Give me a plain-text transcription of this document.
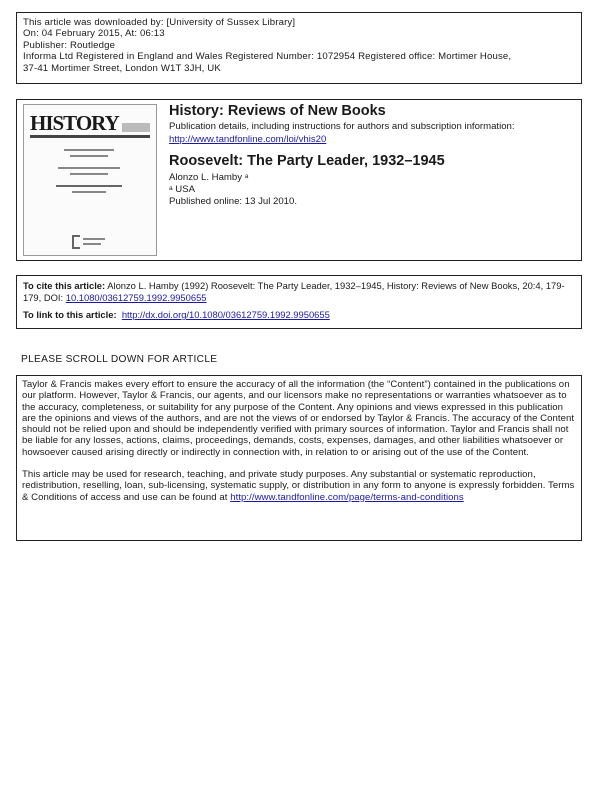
This article was downloaded by: [University of Sussex Library]
On: 04 February 2015, At: 06:13
Publisher: Routledge
Informa Ltd Registered in England and Wales Registered Number: 1072954 Registered office: Mortimer House,
37-41 Mortimer Street, London W1T 3JH, UK
HISTORY	History: Reviews of New Books
Publication details, including instructions for authors and subscription information:
http://www.tandfonline.com/loi/vhis20
Roosevelt: The Party Leader, 1932–1945
Alonzo L. Hamby $^a$
$^a$ USA
Published online: 13 Jul 2010.
To cite this article: Alonzo L. Hamby (1992) Roosevelt: The Party Leader, 1932–1945, History: Reviews of New Books, 20:4, 179-179, DOI: 10.1080/03612759.1992.9950655
To link to this article: http://dx.doi.org/10.1080/03612759.1992.9950655
PLEASE SCROLL DOWN FOR ARTICLE

Taylor & Francis makes every effort to ensure the accuracy of all the information (the “Content”) contained in the publications on our platform. However, Taylor & Francis, our agents, and our licensors make no representations or warranties whatsoever as to the accuracy, completeness, or suitability for any purpose of the Content. Any opinions and views expressed in this publication are the opinions and views of the authors, and are not the views of or endorsed by Taylor & Francis. The accuracy of the Content should not be relied upon and should be independently verified with primary sources of information. Taylor and Francis shall not be liable for any losses, actions, claims, proceedings, demands, costs, expenses, damages, and other liabilities whatsoever or howsoever caused arising directly or indirectly in connection with, in relation to or arising out of the use of the Content.

This article may be used for research, teaching, and private study purposes. Any substantial or systematic reproduction, redistribution, reselling, loan, sub-licensing, systematic supply, or distribution in any form to anyone is expressly forbidden. Terms & Conditions of access and use can be found at http://www.tandfonline.com/page/terms-and-conditions
